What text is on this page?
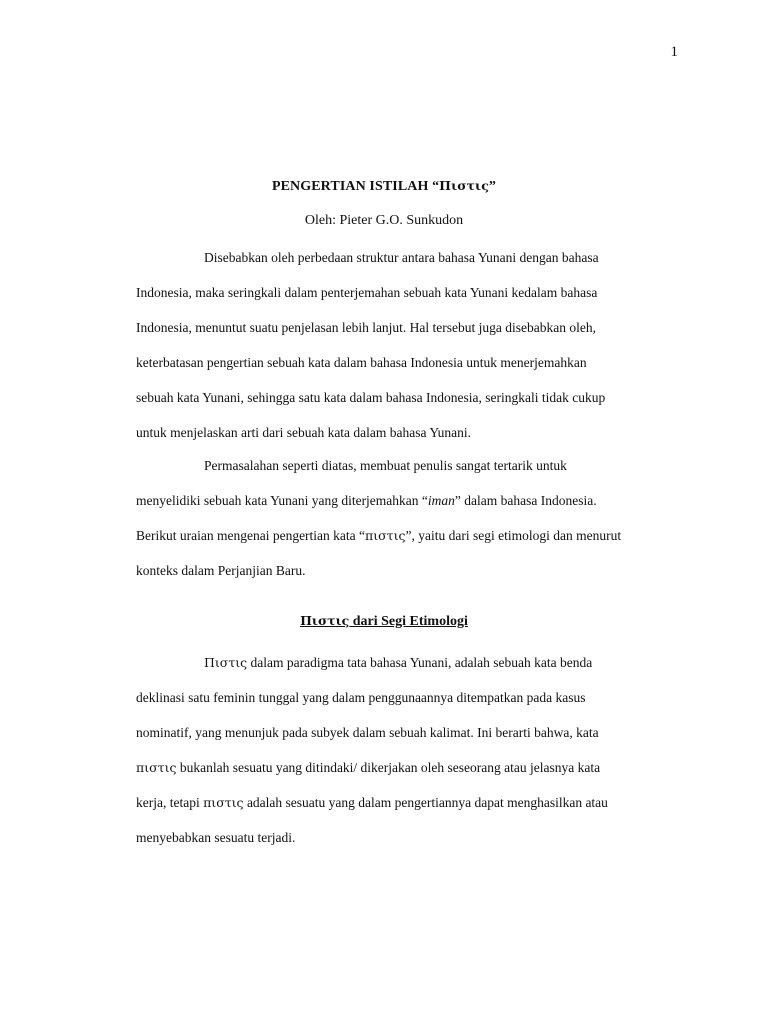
1
PENGERTIAN ISTILAH “Πιστις”
Oleh: Pieter G.O. Sunkudon
Disebabkan oleh perbedaan struktur antara bahasa Yunani dengan bahasa
Indonesia, maka seringkali dalam penterjemahan sebuah kata Yunani kedalam bahasa
Indonesia, menuntut suatu penjelasan lebih lanjut. Hal tersebut juga disebabkan oleh,
keterbatasan pengertian sebuah kata dalam bahasa Indonesia untuk menerjemahkan
sebuah kata Yunani, sehingga satu kata dalam bahasa Indonesia, seringkali tidak cukup
untuk menjelaskan arti dari sebuah kata dalam bahasa Yunani.
Permasalahan seperti diatas, membuat penulis sangat tertarik untuk
menyelidiki sebuah kata Yunani yang diterjemahkan “iman” dalam bahasa Indonesia.
Berikut uraian mengenai pengertian kata “πιστις”, yaitu dari segi etimologi dan menurut
konteks dalam Perjanjian Baru.
Πιστις dari Segi Etimologi
Πιστις dalam paradigma tata bahasa Yunani, adalah sebuah kata benda
deklinasi satu feminin tunggal yang dalam penggunaannya ditempatkan pada kasus
nominatif, yang menunjuk pada subyek dalam sebuah kalimat. Ini berarti bahwa, kata
πιστις bukanlah sesuatu yang ditindaki/ dikerjakan oleh seseorang atau jelasnya kata
kerja, tetapi πιστις adalah sesuatu yang dalam pengertiannya dapat menghasilkan atau
menyebabkan sesuatu terjadi.
